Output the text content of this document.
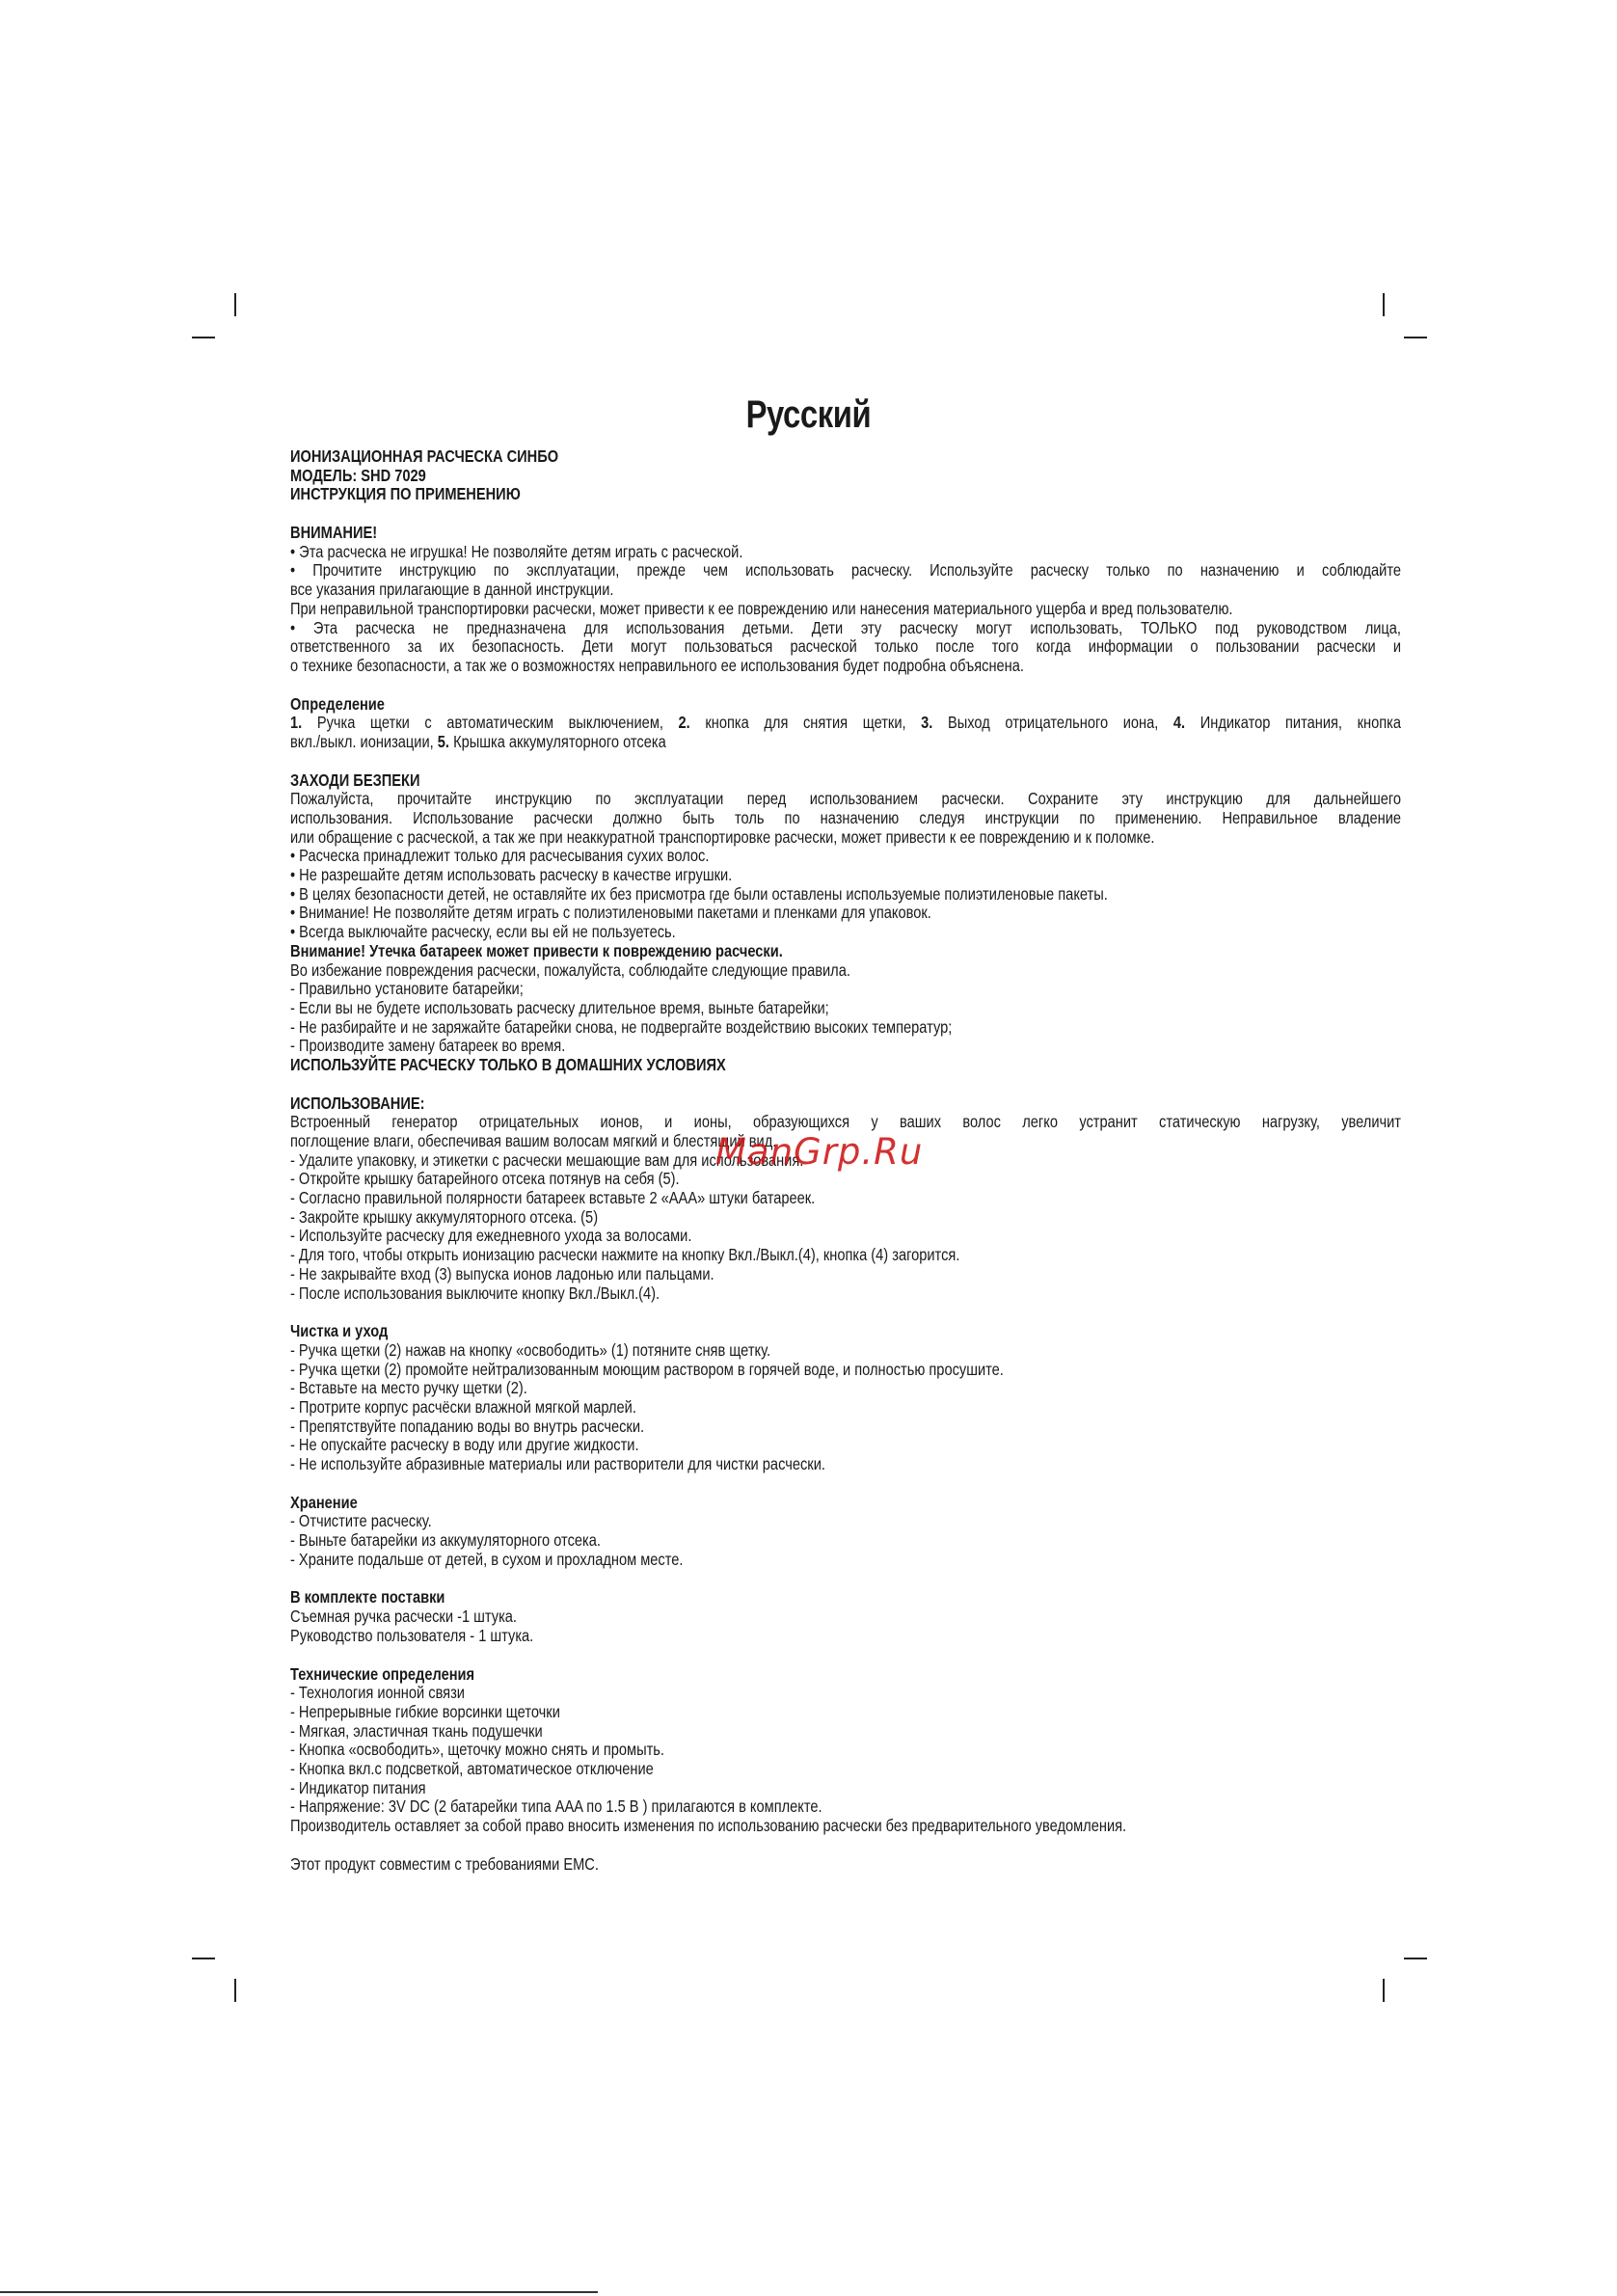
Русский
ИОНИЗАЦИОННАЯ РАСЧЕСКА СИНБО
МОДЕЛЬ: SHD 7029
ИНСТРУКЦИЯ ПО ПРИМЕНЕНИЮ
ВНИМАНИЕ!
• Эта расческа не игрушка! Не позволяйте детям играть с расческой.
• Прочитите инструкцию по эксплуатации, прежде чем использовать расческу. Используйте расческу только по назначению и соблюдайте
все указания прилагающие в данной инструкции.
При неправильной транспортировки расчески, может привести к ее повреждению или нанесения материального ущерба и вред пользователю.
• Эта расческа не предназначена для использования детьми. Дети эту расческу могут использовать, ТОЛЬКО под руководством лица,
ответственного за их безопасность. Дети могут пользоваться расческой только после того когда информации о пользовании расчески и
о технике безопасности, а так же о возможностях неправильного ее использования будет подробна объяснена.
Определение
1. Ручка щетки с автоматическим выключением, 2. кнопка для снятия щетки, 3. Выход отрицательного иона, 4. Индикатор питания, кнопка
вкл./выкл. ионизации, 5. Крышка аккумуляторного отсека
ЗАХОДИ БЕЗПЕКИ
Пожалуйста, прочитайте инструкцию по эксплуатации перед использованием расчески. Сохраните эту инструкцию для дальнейшего
использования. Использование расчески должно быть толь по назначению следуя инструкции по применению. Неправильное владение
или обращение с расческой, а так же при неаккуратной транспортировке расчески, может привести к ее повреждению и к поломке.
• Расческа принадлежит только для расчесывания сухих волос.
• Не разрешайте детям использовать расческу в качестве игрушки.
• В целях безопасности детей, не оставляйте их без присмотра где были оставлены используемые полиэтиленовые пакеты.
• Внимание! Не позволяйте детям играть с полиэтиленовыми пакетами и пленками для упаковок.
• Всегда выключайте расческу, если вы ей не пользуетесь.
Внимание! Утечка батареек может привести к повреждению расчески.
Во избежание повреждения расчески, пожалуйста, соблюдайте следующие правила.
- Правильно установите батарейки;
- Если вы не будете использовать расческу длительное время, выньте батарейки;
- Не разбирайте и не заряжайте батарейки снова, не подвергайте воздействию высоких температур;
- Производите замену батареек во время.
ИСПОЛЬЗУЙТЕ РАСЧЕСКУ ТОЛЬКО В ДОМАШНИХ УСЛОВИЯХ
ИСПОЛЬЗОВАНИЕ:
Встроенный генератор отрицательных ионов, и ионы, образующихся у ваших волос легко устранит статическую нагрузку, увеличит
поглощение влаги, обеспечивая вашим волосам мягкий и блестящий вид.
- Удалите упаковку, и этикетки с расчески мешающие вам для использования.
- Откройте крышку батарейного отсека потянув на себя (5).
- Согласно правильной полярности батареек вставьте 2 «AAA» штуки батареек.
- Закройте крышку аккумуляторного отсека. (5)
- Используйте расческу для ежедневного ухода за волосами.
- Для того, чтобы открыть ионизацию расчески нажмите на кнопку Вкл./Выкл.(4), кнопка (4) загорится.
- Не закрывайте вход (3) выпуска ионов ладонью или пальцами.
- После использования выключите кнопку Вкл./Выкл.(4).
Чистка и уход
- Ручка щетки (2) нажав на кнопку «освободить» (1) потяните сняв щетку.
- Ручка щетки (2) промойте нейтрализованным моющим раствором в горячей воде, и полностью просушите.
- Вставьте на место ручку щетки (2).
- Протрите корпус расчёски влажной мягкой марлей.
- Препятствуйте попаданию воды во внутрь расчески.
- Не опускайте расческу в воду или другие жидкости.
- Не используйте абразивные материалы или растворители для чистки расчески.
Хранение
- Отчистите расческу.
- Выньте батарейки из аккумуляторного отсека.
- Храните подальше от детей, в сухом и прохладном месте.
В комплекте поставки
Съемная ручка расчески -1 штука.
Руководство пользователя - 1 штука.
Технические определения
- Технология ионной связи
- Непрерывные гибкие ворсинки щеточки
- Мягкая, эластичная ткань подушечки
- Кнопка «освободить», щеточку можно снять и промыть.
- Кнопка вкл.с подсветкой, автоматическое отключение
- Индикатор питания
- Напряжение: 3V DC (2 батарейки типа AAA по 1.5 В ) прилагаются в комплекте.
Производитель оставляет за собой право вносить изменения по использованию расчески без предварительного уведомления.
Этот продукт совместим с требованиями EMC.
ManGrp.Ru
